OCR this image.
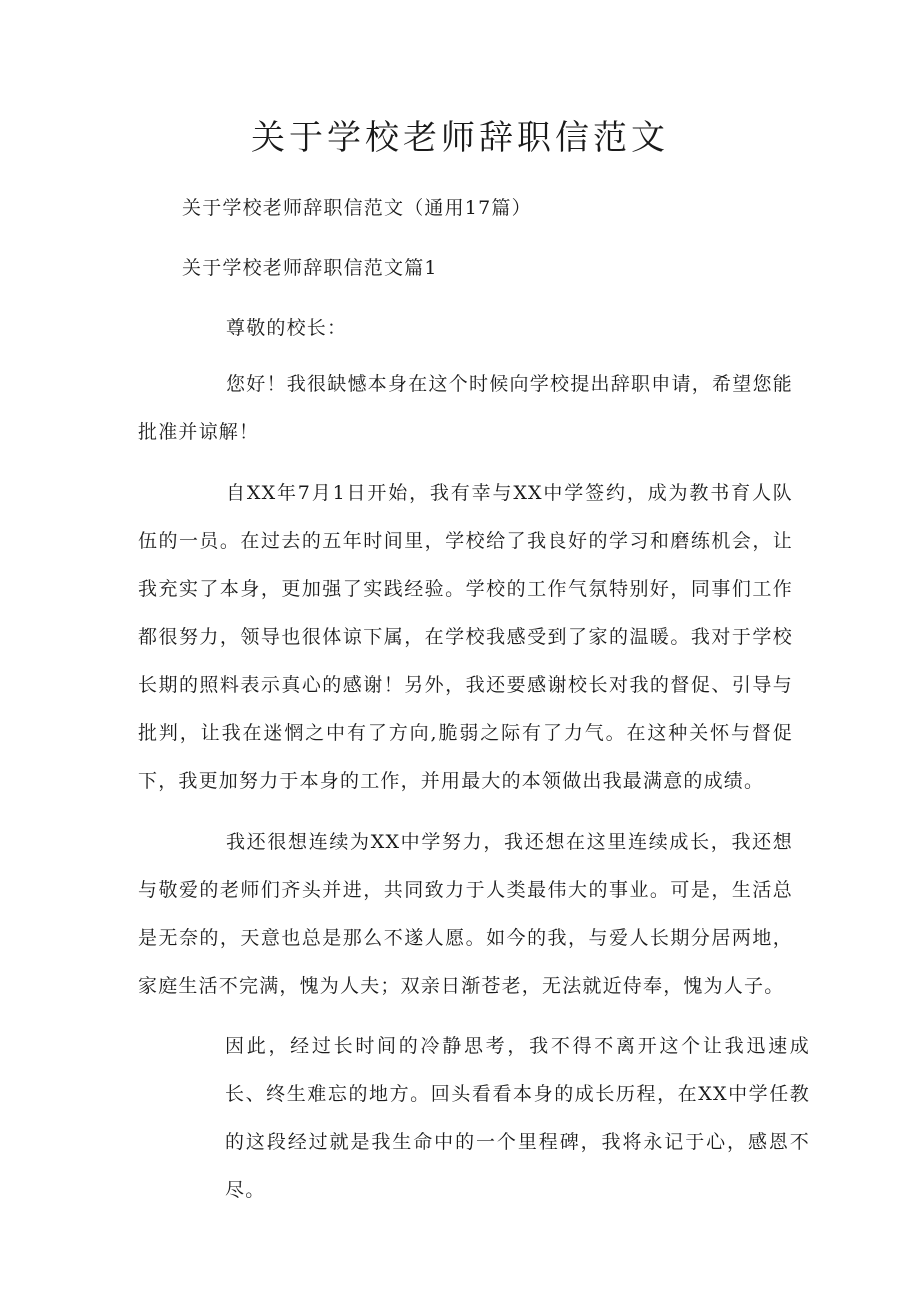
关于学校老师辞职信范文

关于学校老师辞职信范文（通用17篇）

关于学校老师辞职信范文篇1

尊敬的校长：

您好！我很缺憾本身在这个时候向学校提出辞职申请，希望您能批准并谅解！

自XX年7月1日开始，我有幸与XX中学签约，成为教书育人队伍的一员。在过去的五年时间里，学校给了我良好的学习和磨练机会，让我充实了本身，更加强了实践经验。学校的工作气氛特别好，同事们工作都很努力，领导也很体谅下属，在学校我感受到了家的温暖。我对于学校长期的照料表示真心的感谢！另外，我还要感谢校长对我的督促、引导与批判，让我在迷惘之中有了方向,脆弱之际有了力气。在这种关怀与督促下，我更加努力于本身的工作，并用最大的本领做出我最满意的成绩。

我还很想连续为XX中学努力，我还想在这里连续成长，我还想与敬爱的老师们齐头并进，共同致力于人类最伟大的事业。可是，生活总是无奈的，天意也总是那么不遂人愿。如今的我，与爱人长期分居两地，家庭生活不完满，愧为人夫；双亲日渐苍老，无法就近侍奉，愧为人子。

因此，经过长时间的冷静思考，我不得不离开这个让我迅速成长、终生难忘的地方。回头看看本身的成长历程，在XX中学任教的这段经过就是我生命中的一个里程碑，我将永记于心，感恩不尽。
